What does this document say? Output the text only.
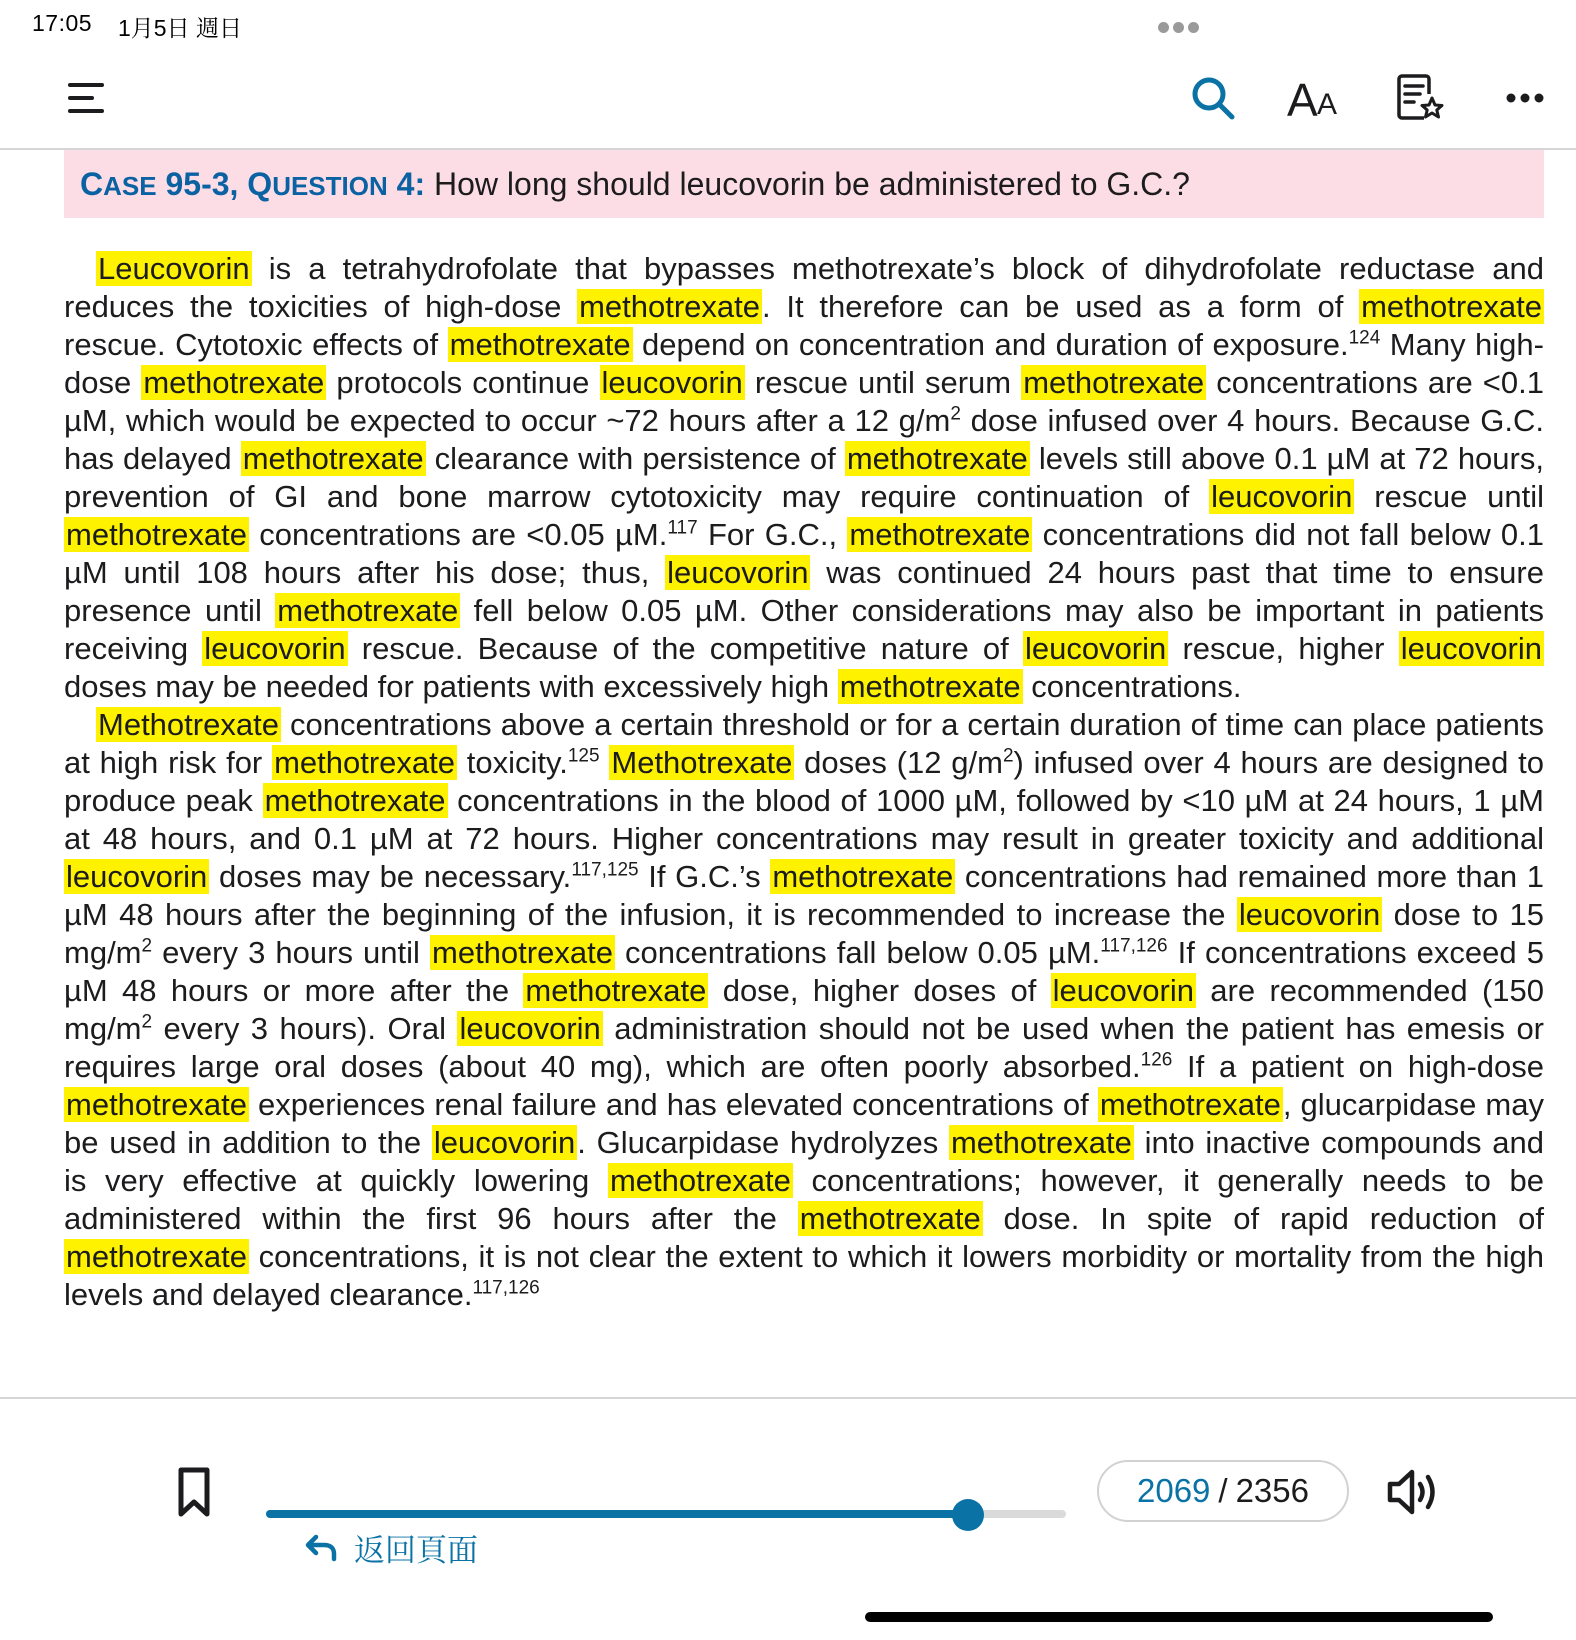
17:05 1月5日 週日
A A
CASE 95-3, QUESTION 4: How long should leucovorin be administered to G.C.?

Leucovorin is a tetrahydrofolate that bypasses methotrexate’s block of dihydrofolate reductase and reduces the toxicities of high-dose methotrexate. It therefore can be used as a form of methotrexate rescue. Cytotoxic effects of methotrexate depend on concentration and duration of exposure.$^{124}$ Many high-dose methotrexate protocols continue leucovorin rescue until serum methotrexate concentrations are <0.1 µM, which would be expected to occur ~72 hours after a 12 $g/m^2$ dose infused over 4 hours. Because G.C. has delayed methotrexate clearance with persistence of methotrexate levels still above 0.1 µM at 72 hours, prevention of GI and bone marrow cytotoxicity may require continuation of leucovorin rescue until methotrexate concentrations are <0.05 µM.$^{117}$ For G.C., methotrexate concentrations did not fall below 0.1 µM until 108 hours after his dose; thus, leucovorin was continued 24 hours past that time to ensure presence until methotrexate fell below 0.05 µM. Other considerations may also be important in patients receiving leucovorin rescue. Because of the competitive nature of leucovorin rescue, higher leucovorin doses may be needed for patients with excessively high methotrexate concentrations.

Methotrexate concentrations above a certain threshold or for a certain duration of time can place patients at high risk for methotrexate toxicity.$^{125}$ Methotrexate doses (12 $g/m^2$) infused over 4 hours are designed to produce peak methotrexate concentrations in the blood of 1000 µM, followed by <10 µM at 24 hours, 1 µM at 48 hours, and 0.1 µM at 72 hours. Higher concentrations may result in greater toxicity and additional leucovorin doses may be necessary.$^{117,125}$ If G.C.’s methotrexate concentrations had remained more than 1 µM 48 hours after the beginning of the infusion, it is recommended to increase the leucovorin dose to 15 $mg/m^2$ every 3 hours until methotrexate concentrations fall below 0.05 µM.$^{117,126}$ If concentrations exceed 5 µM 48 hours or more after the methotrexate dose, higher doses of leucovorin are recommended (150 $mg/m^2$ every 3 hours). Oral leucovorin administration should not be used when the patient has emesis or requires large oral doses (about 40 mg), which are often poorly absorbed.$^{126}$ If a patient on high-dose methotrexate experiences renal failure and has elevated concentrations of methotrexate, glucarpidase may be used in addition to the leucovorin. Glucarpidase hydrolyzes methotrexate into inactive compounds and is very effective at quickly lowering methotrexate concentrations; however, it generally needs to be administered within the first 96 hours after the methotrexate dose. In spite of rapid reduction of methotrexate concentrations, it is not clear the extent to which it lowers morbidity or mortality from the high levels and delayed clearance.$^{117,126}$

2069 / 2356
返回頁面
